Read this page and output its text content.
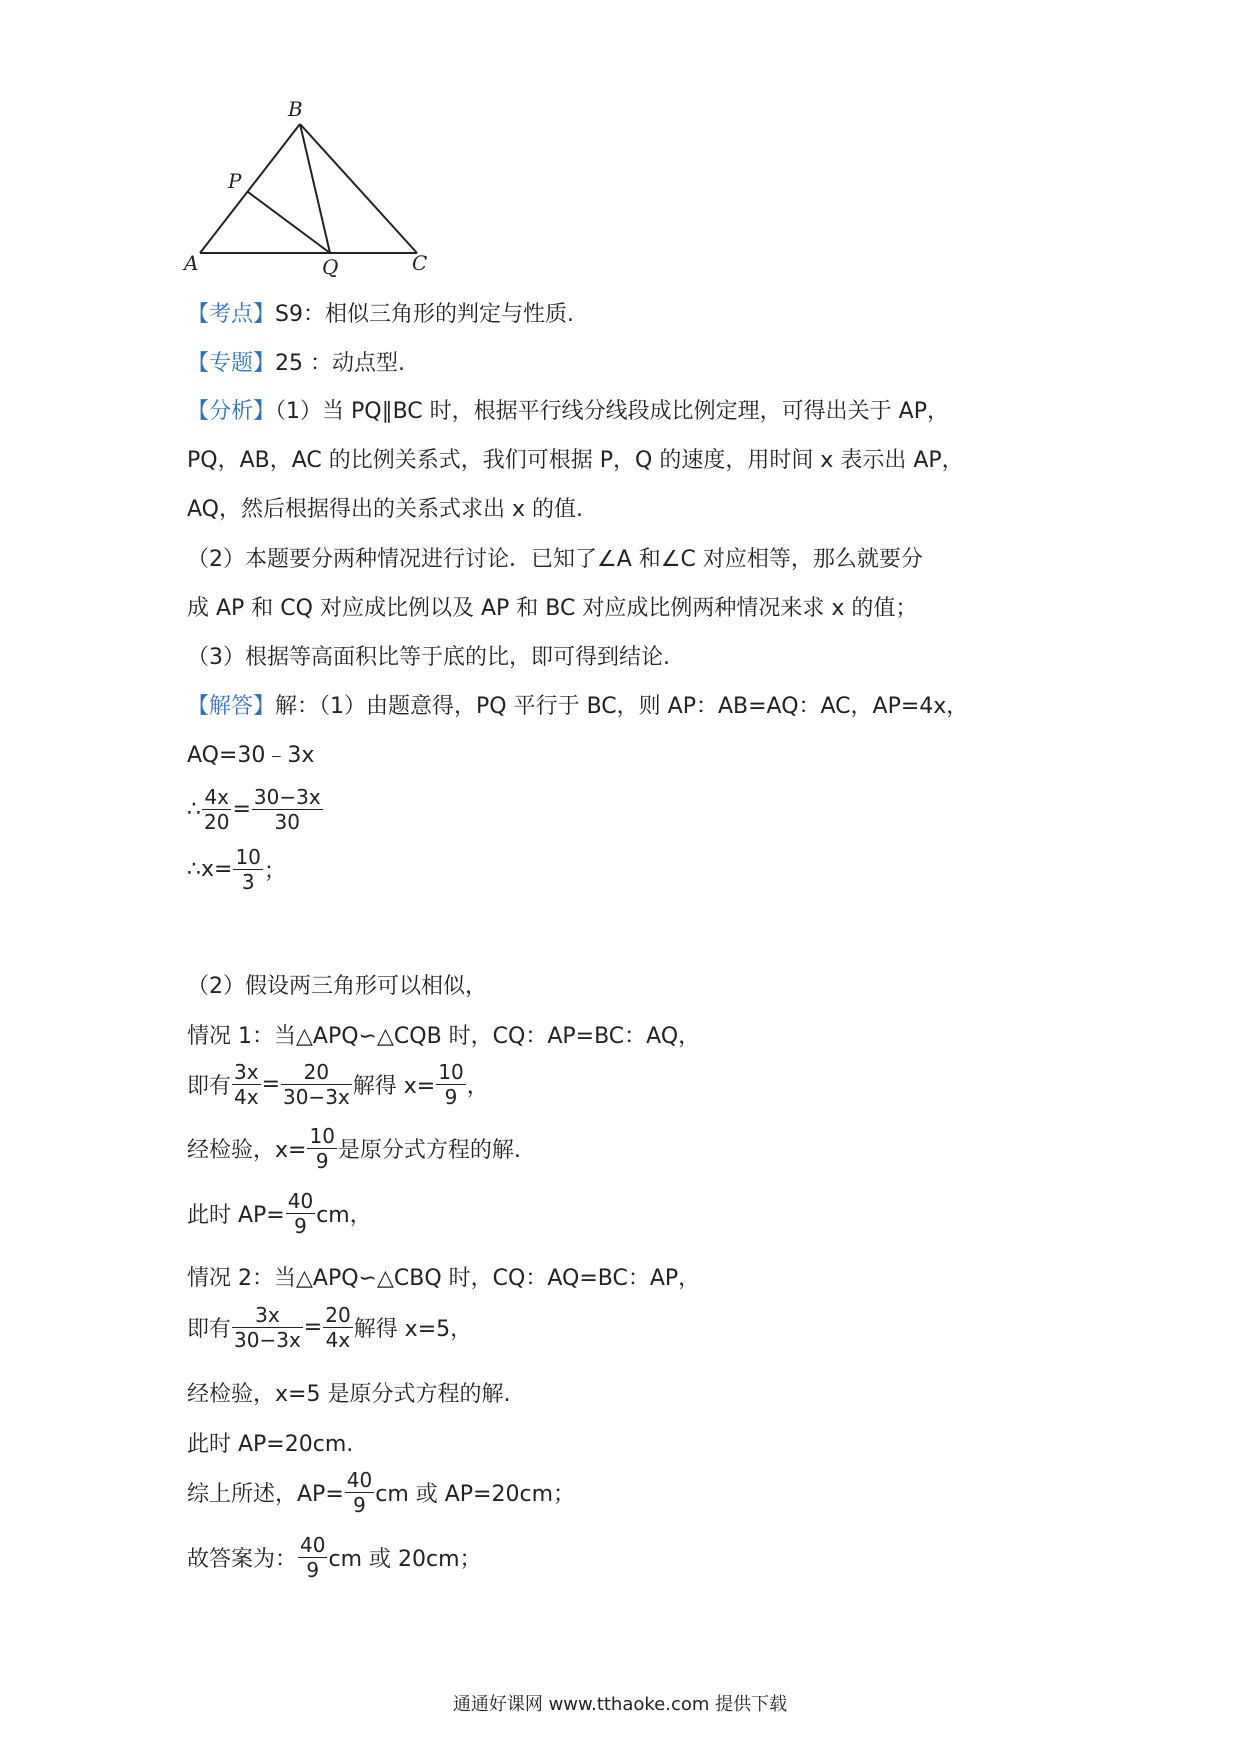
B
P
A	Q	C
【考点】S9：相似三角形的判定与性质.
【专题】25 ：动点型.
【分析】（1）当 PQ∥BC 时，根据平行线分线段成比例定理，可得出关于 AP，
PQ，AB，AC 的比例关系式，我们可根据 P，Q 的速度，用时间 x 表示出 AP，
AQ，然后根据得出的关系式求出 x 的值.
（2）本题要分两种情况进行讨论．已知了∠A 和∠C 对应相等，那么就要分
成 AP 和 CQ 对应成比例以及 AP 和 BC 对应成比例两种情况来求 x 的值；
（3）根据等高面积比等于底的比，即可得到结论.
【解答】解：（1）由题意得，PQ 平行于 BC，则 AP：AB=AQ：AC，AP=4x，
AQ=30﹣3x
∴ $\frac{4x}{20} = \frac{30-3x}{30}$
∴x= $\frac{10}{3}$ ；
（2）假设两三角形可以相似，
情况 1：当△APQ∽△CQB 时，CQ：AP=BC：AQ，
即有 $\frac{3x}{4x} = \frac{20}{30-3x}$ 解得 $x= \frac{10}{9}$ ，
经检验，$x= \frac{10}{9}$ 是原分式方程的解.
此时 $AP= \frac{40}{9}$ cm，
情况 2：当△APQ∽△CBQ 时，CQ：AQ=BC：AP，
即有 $\frac{3x}{30-3x} = \frac{20}{4x}$ 解得 x=5，
经检验，x=5 是原分式方程的解.
此时 AP=20cm.
综上所述，$AP= \frac{40}{9}$ cm 或 AP=20cm；
故答案为： $\frac{40}{9}$ cm 或 20cm；
通通好课网 www.tthaoke.com 提供下载
